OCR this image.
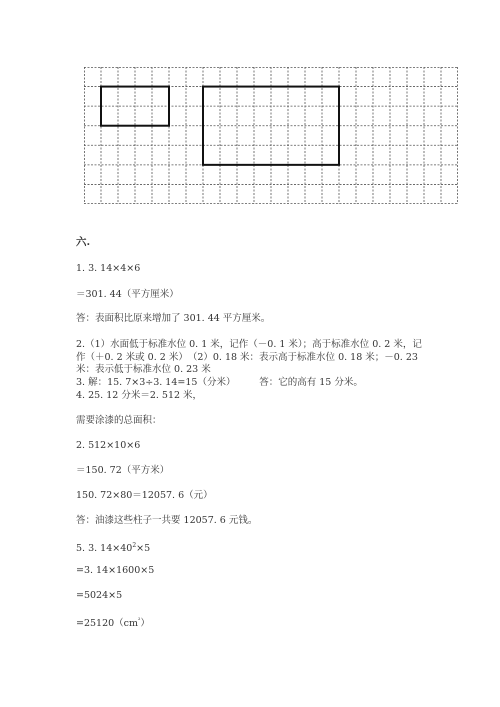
六.
1. 3. 14×4×6
＝301. 44（平方厘米）
答：表面积比原来增加了 301. 44 平方厘米。
2.（1）水面低于标准水位 0. 1 米，记作（－0. 1 米）；高于标准水位 0. 2 米，记
作（＋0. 2 米或 0. 2 米）　（2）0. 18 米：表示高于标准水位 0. 18 米；－0. 23
米：表示低于标准水位 0. 23 米
3. 解：15. 7×3÷3. 14=15（分米）　　　答：它的高有 15 分米。
4. 25. 12 分米＝2. 512 米，
需要涂漆的总面积：
2. 512×10×6
＝150. 72（平方米）
150. 72×80＝12057. 6（元）
答：油漆这些柱子一共要 12057. 6 元钱。
5. 3. $14\times 40^2\times 5$
=3. 14×1600×5
=5024×5
$=25120(cm^{^2})$
